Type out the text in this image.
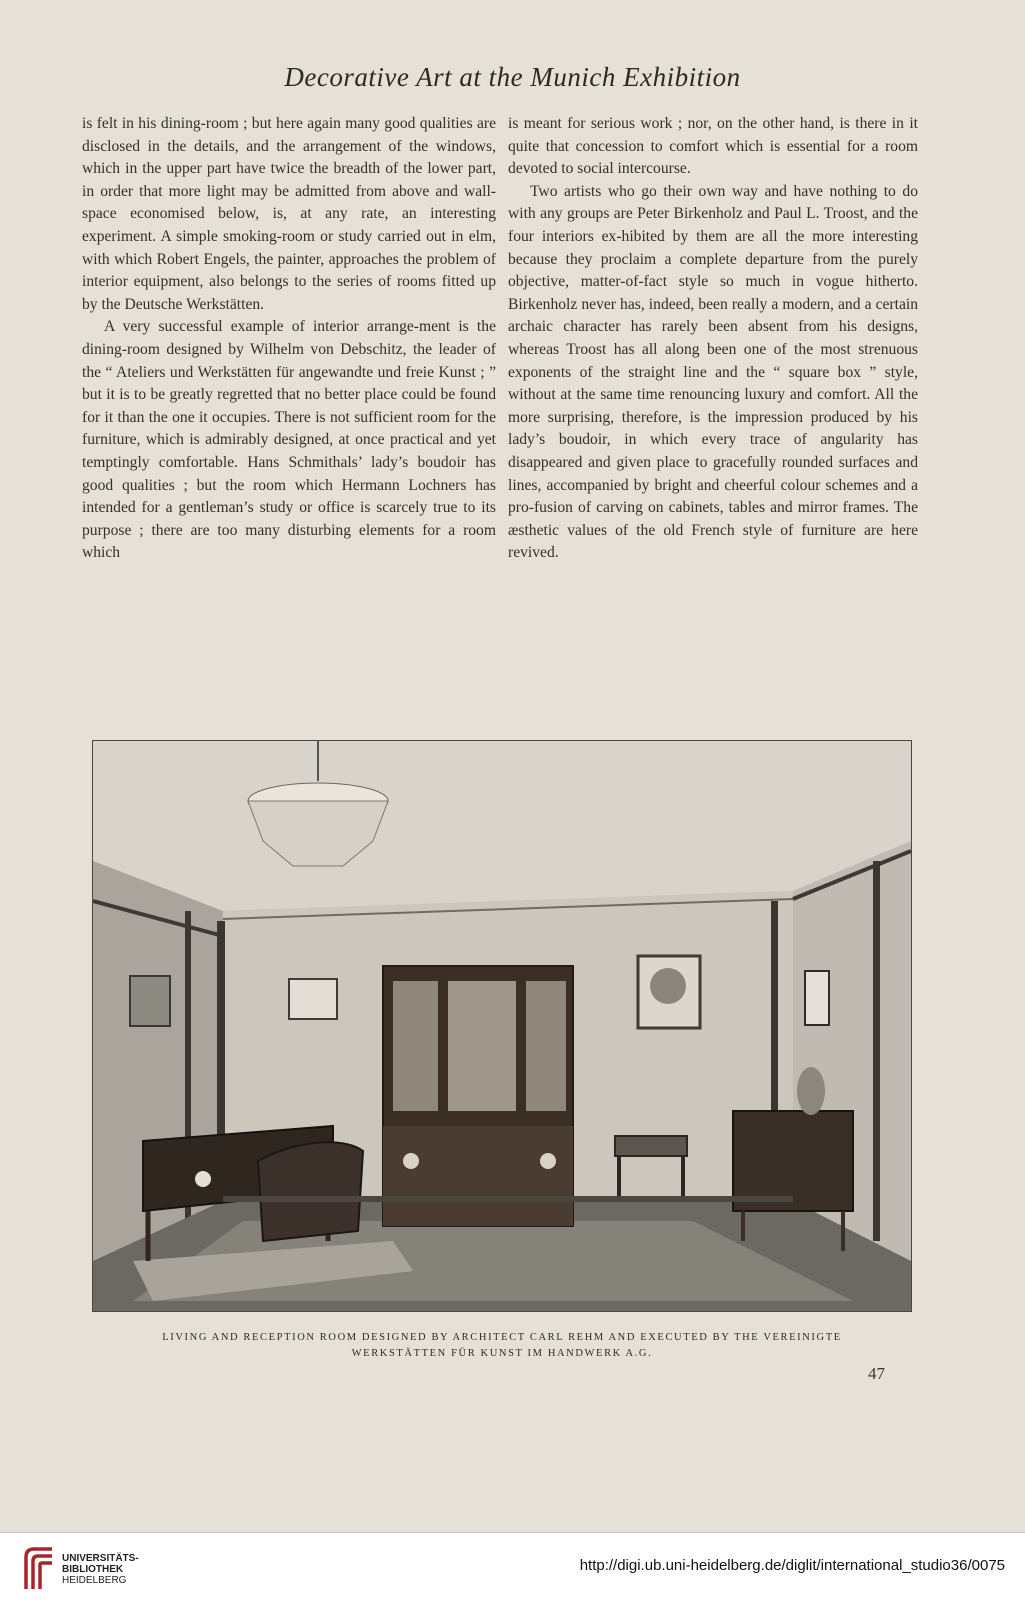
Decorative Art at the Munich Exhibition

is felt in his dining-room ; but here again many good qualities are disclosed in the details, and the arrangement of the windows, which in the upper part have twice the breadth of the lower part, in order that more light may be admitted from above and wall-space economised below, is, at any rate, an interesting experiment. A simple smoking-room or study carried out in elm, with which Robert Engels, the painter, approaches the problem of interior equipment, also belongs to the series of rooms fitted up by the Deutsche Werkstätten.

A very successful example of interior arrange-ment is the dining-room designed by Wilhelm von Debschitz, the leader of the “ Ateliers und Werkstätten für angewandte und freie Kunst ; ” but it is to be greatly regretted that no better place could be found for it than the one it occupies. There is not sufficient room for the furniture, which is admirably designed, at once practical and yet temptingly comfortable. Hans Schmithals’ lady’s boudoir has good qualities ; but the room which Hermann Lochners has intended for a gentleman’s study or office is scarcely true to its purpose ; there are too many disturbing elements for a room which

is meant for serious work ; nor, on the other hand, is there in it quite that concession to comfort which is essential for a room devoted to social intercourse.

Two artists who go their own way and have nothing to do with any groups are Peter Birkenholz and Paul L. Troost, and the four interiors ex-hibited by them are all the more interesting because they proclaim a complete departure from the purely objective, matter-of-fact style so much in vogue hitherto. Birkenholz never has, indeed, been really a modern, and a certain archaic character has rarely been absent from his designs, whereas Troost has all along been one of the most strenuous exponents of the straight line and the “ square box ” style, without at the same time renouncing luxury and comfort. All the more surprising, therefore, is the impression produced by his lady’s boudoir, in which every trace of angularity has disappeared and given place to gracefully rounded surfaces and lines, accompanied by bright and cheerful colour schemes and a pro-fusion of carving on cabinets, tables and mirror frames. The æsthetic values of the old French style of furniture are here revived.

LIVING AND RECEPTION ROOM DESIGNED BY ARCHITECT CARL REHM AND EXECUTED BY THE VEREINIGTE
WERKSTÄTTEN FÜR KUNST IM HANDWERK A.G.
47
UNIVERSITÄTS-
BIBLIOTHEK
HEIDELBERG
http://digi.ub.uni-heidelberg.de/diglit/international_studio36/0075
